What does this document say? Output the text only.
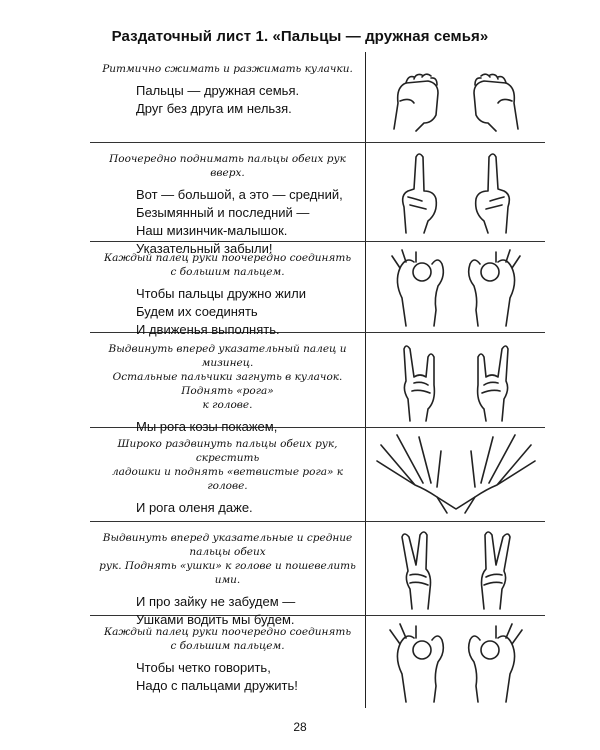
Раздаточный лист 1. «Пальцы — дружная семья»
Ритмично сжимать и разжимать кулачки.
Пальцы — дружная семья.
Друг без друга им нельзя.
Поочередно поднимать пальцы обеих рук вверх.
Вот — большой, а это — средний,
Безымянный и последний —
Наш мизинчик-малышок.
Указательный забыли!
Каждый палец руки поочередно соединять
с большим пальцем.
Чтобы пальцы дружно жили
Будем их соединять
И движенья выполнять.
Выдвинуть вперед указательный палец и мизинец.
Остальные пальчики загнуть в кулачок. Поднять «рога»
к голове.
Мы рога козы покажем,
Широко раздвинуть пальцы обеих рук, скрестить
ладошки и поднять «ветвистые рога» к голове.
И рога оленя даже.
Выдвинуть вперед указательные и средние пальцы обеих
рук. Поднять «ушки» к голове и пошевелить ими.
И про зайку не забудем —
Ушками водить мы будем.
Каждый палец руки поочередно соединять
с большим пальцем.
Чтобы четко говорить,
Надо с пальцами дружить!
28
